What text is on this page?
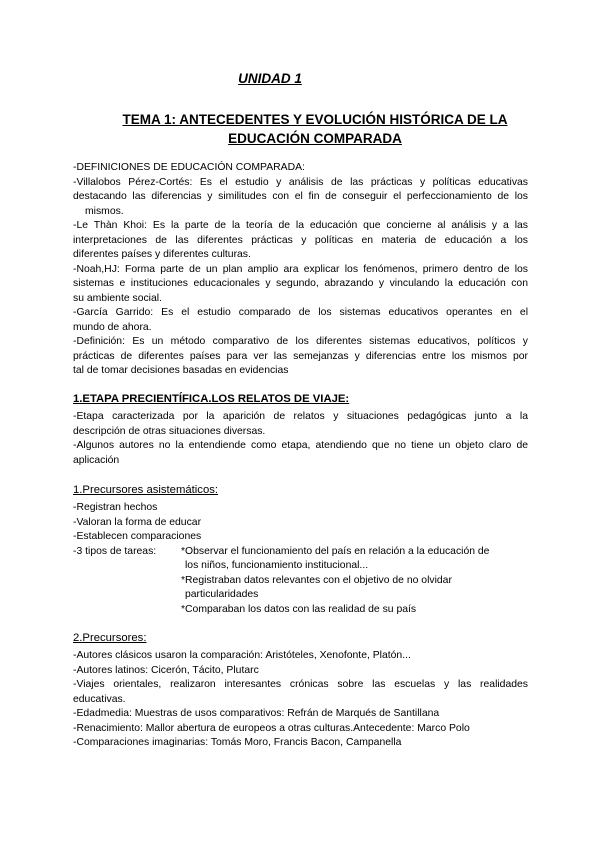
UNIDAD 1
TEMA 1: ANTECEDENTES Y EVOLUCIÓN HISTÓRICA DE LA
EDUCACIÓN COMPARADA
-DEFINICIONES DE EDUCACIÓN COMPARADA:
-Villalobos Pérez-Cortés: Es el estudio y análisis de las prácticas y políticas educativas
destacando las diferencias y similitudes con el fin de conseguir el perfeccionamiento de los
mismos.
-Le Thàn Khoi: Es la parte de la teoría de la educación que concierne al análisis y a las
interpretaciones de las diferentes prácticas y políticas en materia de educación a los
diferentes países y diferentes culturas.
-Noah,HJ: Forma parte de un plan amplio ara explicar los fenómenos, primero dentro de los
sistemas e instituciones educacionales y segundo, abrazando y vinculando la educación con
su ambiente social.
-García Garrido: Es el estudio comparado de los sistemas educativos operantes en el
mundo de ahora.
-Definición: Es un método comparativo de los diferentes sistemas educativos, políticos y
prácticas de diferentes países para ver las semejanzas y diferencias entre los mismos por
tal de tomar decisiones basadas en evidencias
1.ETAPA PRECIENTÍFICA.LOS RELATOS DE VIAJE:
-Etapa caracterizada por la aparición de relatos y situaciones pedagógicas junto a la
descripción de otras situaciones diversas.
-Algunos autores no la entendiende como etapa, atendiendo que no tiene un objeto claro de
aplicación
1.Precursores asistemáticos:
-Registran hechos
-Valoran la forma de educar
-Establecen comparaciones
-3 tipos de tareas:	*Observar el funcionamiento del país en relación a la educación de
los niños, funcionamiento institucional...
*Registraban datos relevantes con el objetivo de no olvidar
particularidades
*Comparaban los datos con las realidad de su país
2.Precursores:
-Autores clásicos usaron la comparación: Aristóteles, Xenofonte, Platón...
-Autores latinos: Cicerón, Tácito, Plutarc
-Viajes orientales, realizaron interesantes crónicas sobre las escuelas y las realidades
educativas.
-Edadmedia: Muestras de usos comparativos: Refrán de Marqués de Santillana
-Renacimiento: Mallor abertura de europeos a otras culturas.Antecedente: Marco Polo
-Comparaciones imaginarias: Tomás Moro, Francis Bacon, Campanella
